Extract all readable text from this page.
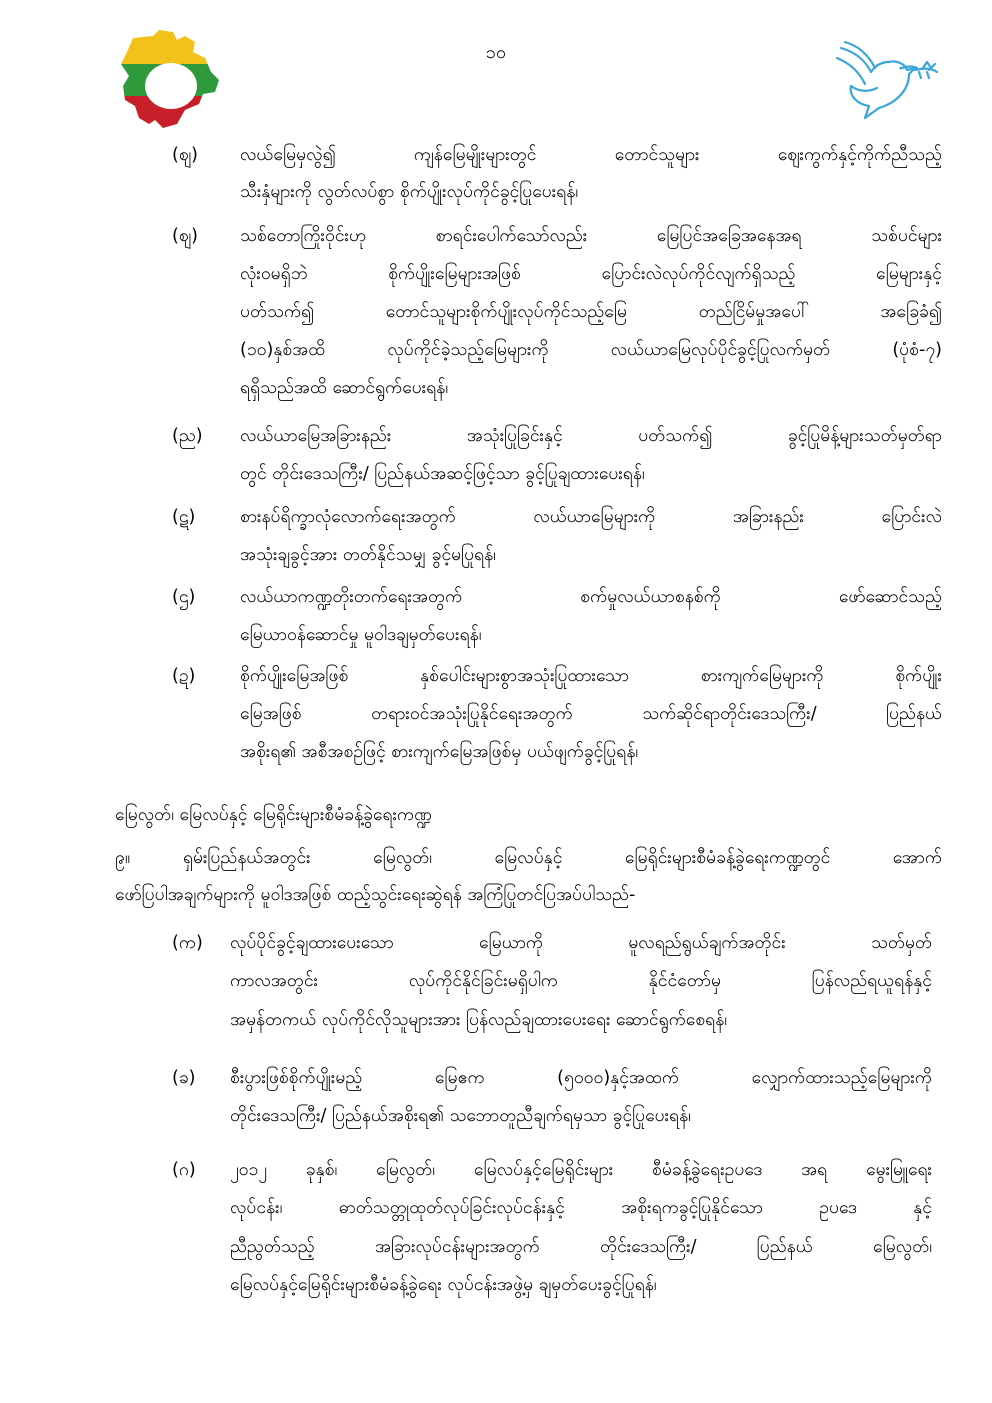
၁၀
(ဈ)	လယ်မြေမှလွဲ၍ ကျန်မြေမျိုးများတွင် တောင်သူများ ဈေးကွက်နှင့်ကိုက်ညီသည့်
သီးနှံများကို လွတ်လပ်စွာ စိုက်ပျိုးလုပ်ကိုင်ခွင့်ပြုပေးရန်၊
(ဈ)	သစ်တောကြိုးဝိုင်းဟု စာရင်းပေါက်သော်လည်း မြေပြင်အခြေအနေအရ သစ်ပင်များ
လုံးဝမရှိဘဲ စိုက်ပျိုးမြေများအဖြစ် ပြောင်းလဲလုပ်ကိုင်လျက်ရှိသည့် မြေများနှင့်
ပတ်သက်၍ တောင်သူများစိုက်ပျိုးလုပ်ကိုင်သည့်မြေ တည်ငြိမ်မှုအပေါ် အခြေခံ၍
(၁၀)နှစ်အထိ လုပ်ကိုင်ခဲ့သည့်မြေများကို လယ်ယာမြေလုပ်ပိုင်ခွင့်ပြုလက်မှတ် (ပုံစံ-၇)
ရရှိသည်အထိ ဆောင်ရွက်ပေးရန်၊
(ည)	လယ်ယာမြေအခြားနည်း အသုံးပြုခြင်းနှင့် ပတ်သက်၍ ခွင့်ပြုမိန့်များသတ်မှတ်ရာ
တွင် တိုင်းဒေသကြီး/ ပြည်နယ်အဆင့်ဖြင့်သာ ခွင့်ပြုချထားပေးရန်၊
(ဋ)	စားနပ်ရိက္ခာလုံလောက်ရေးအတွက် လယ်ယာမြေများကို အခြားနည်း ပြောင်းလဲ
အသုံးချခွင့်အား တတ်နိုင်သမျှ ခွင့်မပြုရန်၊
(ဌ)	လယ်ယာကဏ္ဍတိုးတက်ရေးအတွက် စက်မှုလယ်ယာစနစ်ကို ဖော်ဆောင်သည့်
မြေယာဝန်ဆောင်မှု မူဝါဒချမှတ်ပေးရန်၊
(ဍ)	စိုက်ပျိုးမြေအဖြစ် နှစ်ပေါင်းများစွာအသုံးပြုထားသော စားကျက်မြေများကို စိုက်ပျိုး
မြေအဖြစ် တရားဝင်အသုံးပြုနိုင်ရေးအတွက် သက်ဆိုင်ရာတိုင်းဒေသကြီး/ ပြည်နယ်
အစိုးရ၏ အစီအစဉ်ဖြင့် စားကျက်မြေအဖြစ်မှ ပယ်ဖျက်ခွင့်ပြုရန်၊
မြေလွတ်၊ မြေလပ်နှင့် မြေရိုင်းများစီမံခန့်ခွဲရေးကဏ္ဍ
၉။	ရှမ်းပြည်နယ်အတွင်း မြေလွတ်၊ မြေလပ်နှင့် မြေရိုင်းများစီမံခန့်ခွဲရေးကဏ္ဍတွင် အောက်
ဖော်ပြပါအချက်များကို မူဝါဒအဖြစ် ထည့်သွင်းရေးဆွဲရန် အကြံပြုတင်ပြအပ်ပါသည်-
(က)	လုပ်ပိုင်ခွင့်ချထားပေးသော မြေယာကို မူလရည်ရွယ်ချက်အတိုင်း သတ်မှတ်
ကာလအတွင်း လုပ်ကိုင်နိုင်ခြင်းမရှိပါက နိုင်ငံတော်မှ ပြန်လည်ရယူရန်နှင့်
အမှန်တကယ် လုပ်ကိုင်လိုသူများအား ပြန်လည်ချထားပေးရေး ဆောင်ရွက်စေရန်၊
(ခ)	စီးပွားဖြစ်စိုက်ပျိုးမည့် မြေဧက (၅၀၀၀)နှင့်အထက် လျှောက်ထားသည့်မြေများကို
တိုင်းဒေသကြီး/ ပြည်နယ်အစိုးရ၏ သဘောတူညီချက်ရမှသာ ခွင့်ပြုပေးရန်၊
(ဂ)	၂၀၁၂ ခုနှစ်၊ မြေလွတ်၊ မြေလပ်နှင့်မြေရိုင်းများ စီမံခန့်ခွဲရေးဥပဒေ အရ မွေးမြူရေး
လုပ်ငန်း၊ ဓာတ်သတ္တုထုတ်လုပ်ခြင်းလုပ်ငန်းနှင့် အစိုးရကခွင့်ပြုနိုင်သော ဥပဒေ နှင့်
ညီညွတ်သည့် အခြားလုပ်ငန်းများအတွက် တိုင်းဒေသကြီး/ ပြည်နယ် မြေလွတ်၊
မြေလပ်နှင့်မြေရိုင်းများစီမံခန့်ခွဲရေး လုပ်ငန်းအဖွဲ့မှ ချမှတ်ပေးခွင့်ပြုရန်၊
